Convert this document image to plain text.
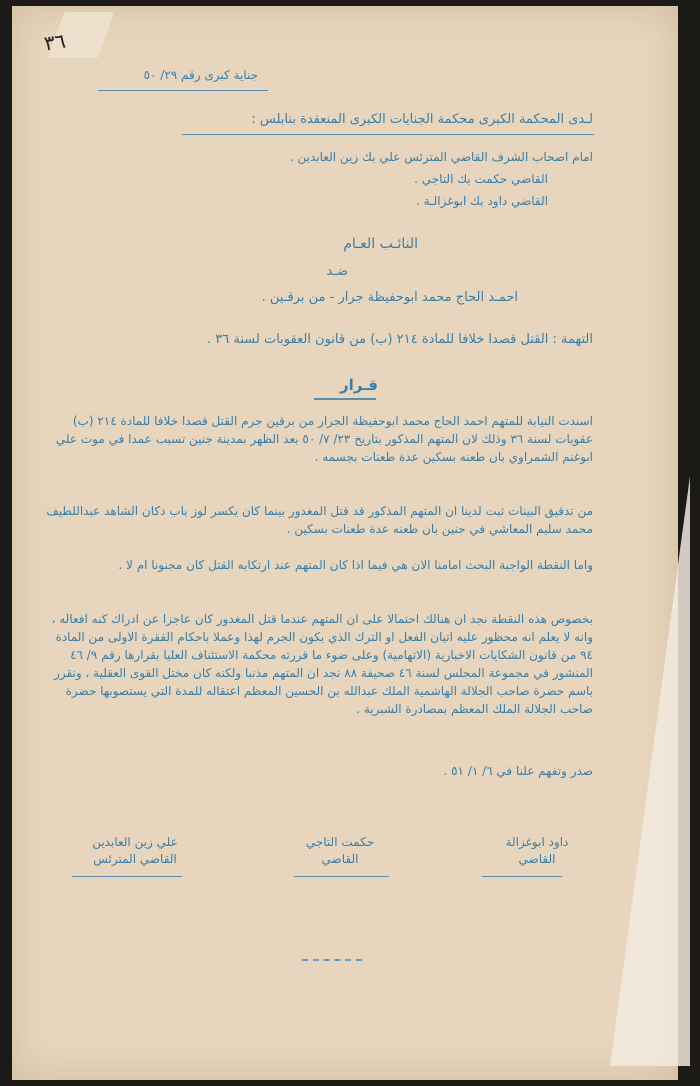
٣٦
جناية كبرى رقم ٢٩/ ٥٠
لـدى المحكمة الكبرى محكمة الجنايات الكبرى المنعقدة بنابلس :
امام اصحاب الشرف القاضي المترئس علي بك زين العابدين .
القاضي حكمت بك التاجي .
القاضي داود بك ابوغزالـة .
النائـب العـام
ضـد
احمـد الحاج محمد ابوحفيظة جرار - من برقـين .
التهمة : القتل قصدا خلافا للمادة ٢١٤ (ب) من قانون العقوبات لسنة ٣٦ .
قـرار
اسندت النيابة للمتهم احمد الحاج محمد ابوحفيظة الجرار من برقين جرم القتل قصدا خلافا للمادة ٢١٤ (ب) عقوبات لسنة ٣٦ وذلك لان المتهم المذكور بتاريخ ٢٣/ ٧/ ٥٠ بعد الظهر بمدينة جنين تسبب عمدا في موت علي ابوغنم الشمراوي بان طعنه بسكين عدة طعنات بجسمه .
من تدقيق البينات ثبت لدينا ان المتهم المذكور قد قتل المغدور بينما كان يكسر لوز باب دكان الشاهد عبداللطيف محمد سليم المعاشي في جنين بان طعنه عدة طعنات بسكين .
واما النقطة الواجبة البحث امامنا الان هي فيما اذا كان المتهم عند ارتكابه القتل كان مجنونا ام لا .
بخصوص هذه النقطة نجد ان هنالك احتمالا على ان المتهم عندما قتل المغدور كان عاجزا عن ادراك كنه افعاله ، وانه لا يعلم انه محظور عليه اتيان الفعل او الترك الذي يكون الجرم لهذا وعملا باحكام الفقرة الاولى من المادة ٩٤ من قانون الشكايات الاخبارية (الاتهامية) وعلى ضوء ما قررته محكمة الاستئناف العليا بقرارها رقم ٩/ ٤٦ المنشور في مجموعة المجلس لسنة ٤٦ صحيفة ٨٨ نجد ان المتهم مذنبا ولكنه كان مختل القوى العقلية ، ونقرر باسم حضرة صاحب الجلالة الهاشمية الملك عبدالله بن الحسين المعظم اعتقاله للمدة التي يستصوبها حضرة صاحب الجلالة الملك المعظم بمصادرة الشبرية .
صدر وتفهم علنا في ٦/ ١/ ٥١ .
علي زين العابدين
القاضي المترئس
حكمت التاجي
القاضي
داود ابوغزالة
القاضي
